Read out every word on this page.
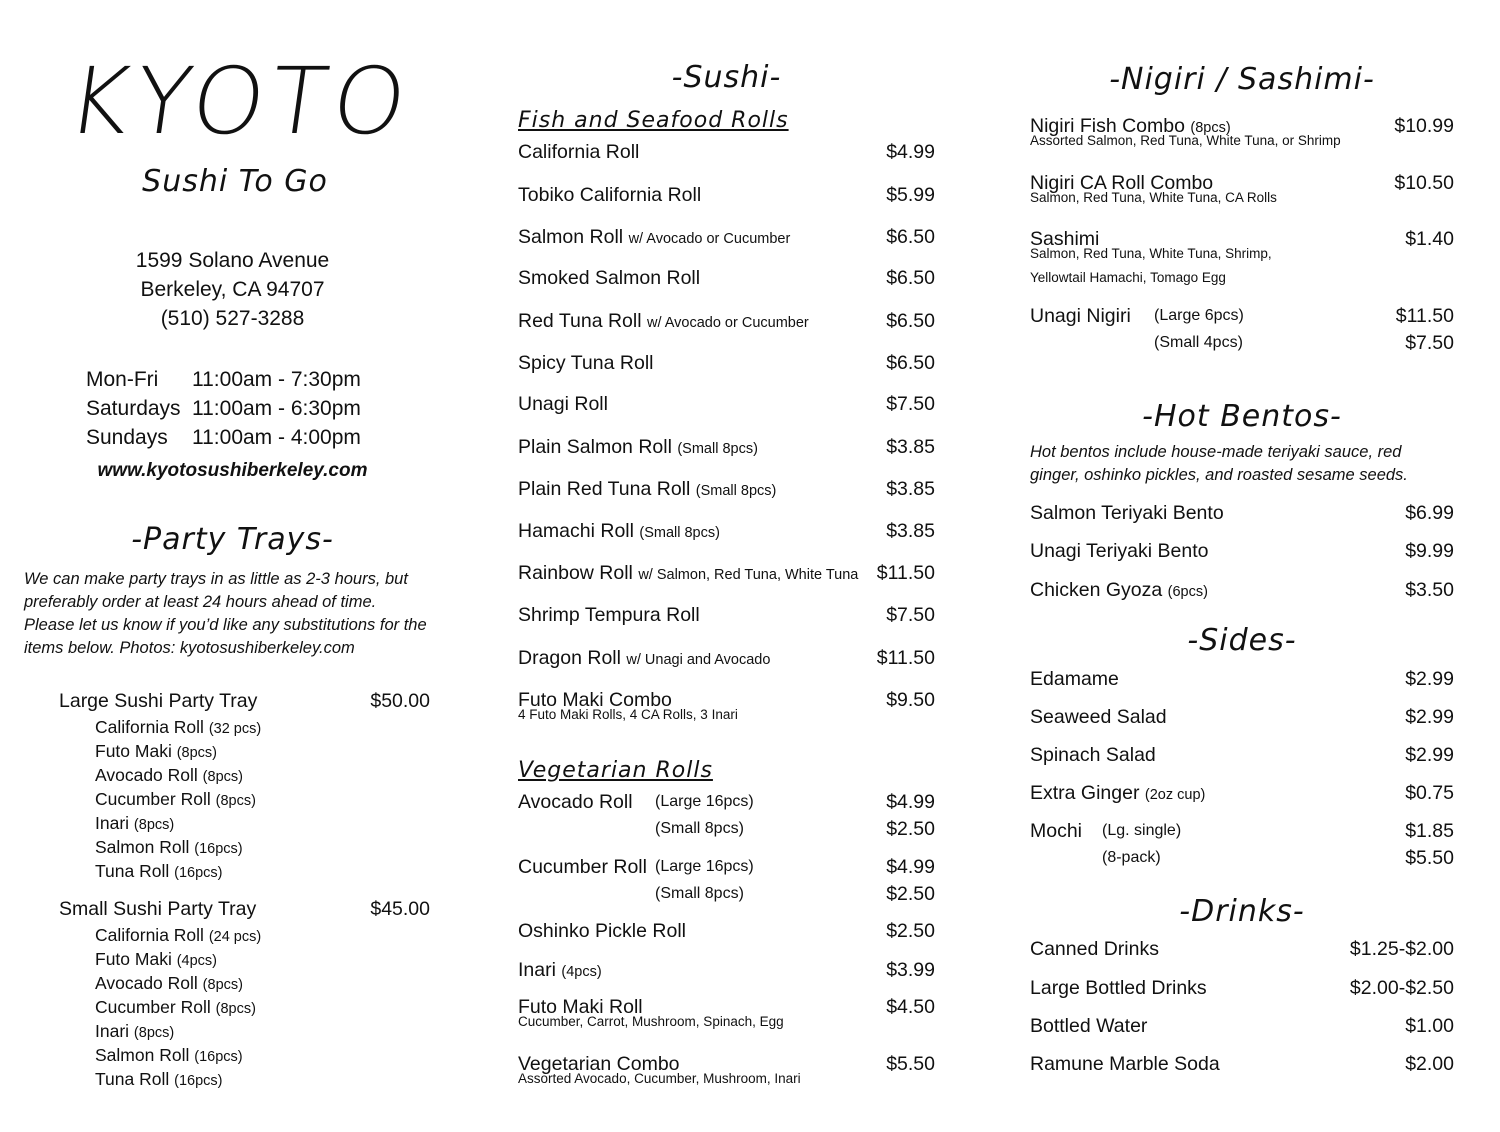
KYOTO
Sushi To Go
1599 Solano Avenue
Berkeley, CA 94707
(510) 527-3288
Mon-Fri 11:00am - 7:30pm
Saturdays 11:00am - 6:30pm
Sundays 11:00am - 4:00pm
www.kyotosushiberkeley.com
-Party Trays-
We can make party trays in as little as 2-3 hours, but
preferably order at least 24 hours ahead of time.
Please let us know if you’d like any substitutions for the
items below. Photos: kyotosushiberkeley.com
-Sushi-
Fish and Seafood Rolls
Vegetarian Rolls
-Nigiri / Sashimi-
-Hot Bentos-
Hot bentos include house-made teriyaki sauce, red
ginger, oshinko pickles, and roasted sesame seeds.
-Sides-
-Drinks-
California Roll	$4.99
Tobiko California Roll	$5.99
Salmon Roll w/ Avocado or Cucumber	$6.50
Smoked Salmon Roll	$6.50
Red Tuna Roll w/ Avocado or Cucumber	$6.50
Spicy Tuna Roll	$6.50
Unagi Roll	$7.50
Plain Salmon Roll (Small 8pcs)	$3.85
Plain Red Tuna Roll (Small 8pcs)	$3.85
Hamachi Roll (Small 8pcs)	$3.85
Rainbow Roll w/ Salmon, Red Tuna, White Tuna $11.50
Shrimp Tempura Roll	$7.50
Dragon Roll w/ Unagi and Avocado	$11.50
Futo Maki Combo	$9.50
4 Futo Maki Rolls, 4 CA Rolls, 3 Inari
Avocado Roll (Large 16pcs)	$4.99
(Small 8pcs)	$2.50
Cucumber Roll (Large 16pcs)	$4.99
(Small 8pcs)	$2.50
Oshinko Pickle Roll	$2.50
Inari (4pcs)	$3.99
Futo Maki Roll	$4.50
Cucumber, Carrot, Mushroom, Spinach, Egg
Vegetarian Combo	$5.50
Assorted Avocado, Cucumber, Mushroom, Inari
Nigiri Fish Combo (8pcs)	$10.99
Assorted Salmon, Red Tuna, White Tuna, or Shrimp
Nigiri CA Roll Combo	$10.50
Salmon, Red Tuna, White Tuna, CA Rolls
Sashimi	$1.40
Salmon, Red Tuna, White Tuna, Shrimp,
Yellowtail Hamachi, Tomago Egg
Unagi Nigiri (Large 6pcs)	$11.50
(Small 4pcs)	$7.50
Salmon Teriyaki Bento	$6.99
Unagi Teriyaki Bento	$9.99
Chicken Gyoza (6pcs)	$3.50
Edamame	$2.99
Seaweed Salad	$2.99
Spinach Salad	$2.99
Extra Ginger (2oz cup)	$0.75
Mochi (Lg. single)	$1.85
(8-pack)	$5.50
Canned Drinks	$1.25-$2.00
Large Bottled Drinks	$2.00-$2.50
Bottled Water	$1.00
Ramune Marble Soda	$2.00
Large Sushi Party Tray	$50.00
California Roll (32 pcs)
Futo Maki (8pcs)
Avocado Roll (8pcs)
Cucumber Roll (8pcs)
Inari (8pcs)
Salmon Roll (16pcs)
Tuna Roll (16pcs)
Small Sushi Party Tray	$45.00
California Roll (24 pcs)
Futo Maki (4pcs)
Avocado Roll (8pcs)
Cucumber Roll (8pcs)
Inari (8pcs)
Salmon Roll (16pcs)
Tuna Roll (16pcs)
